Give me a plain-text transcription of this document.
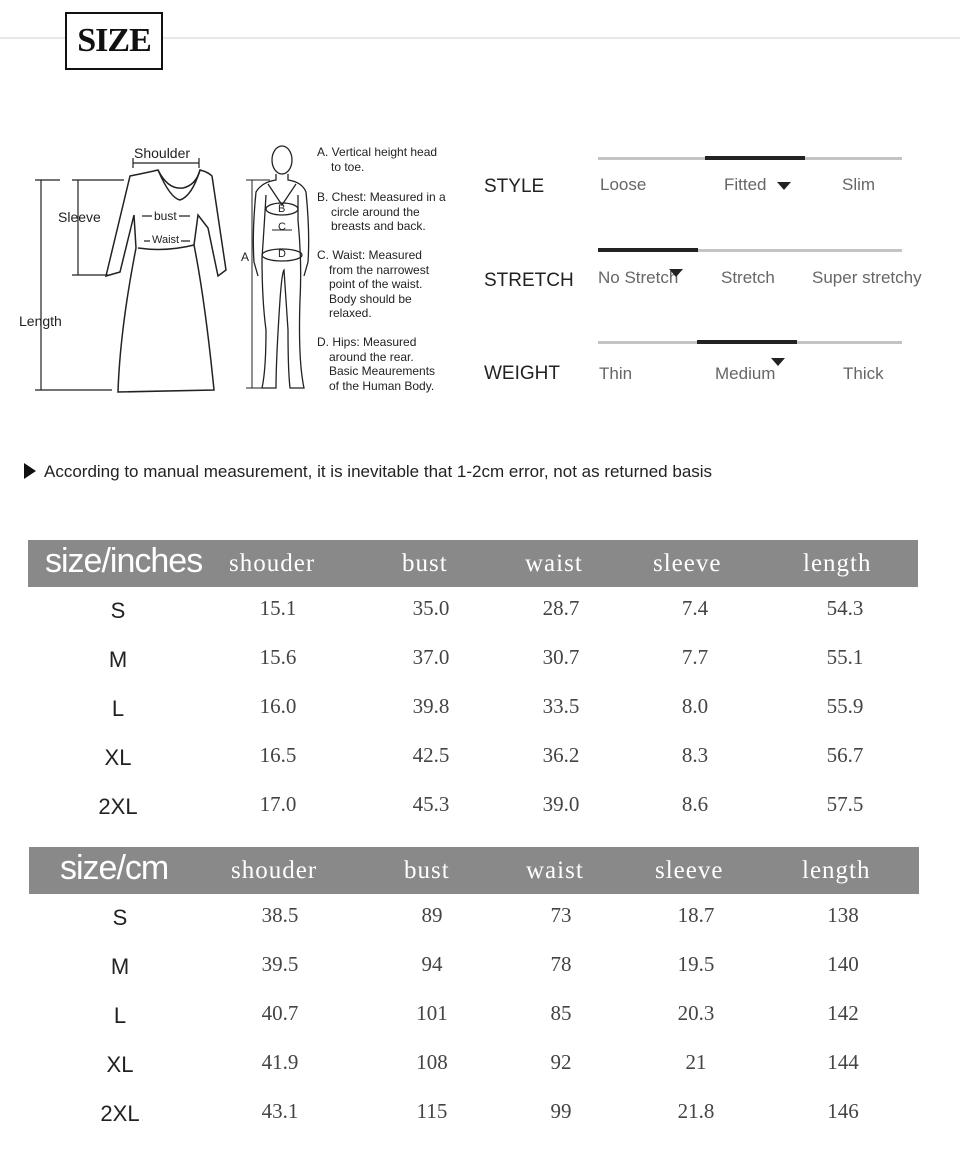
SIZE
Shoulder
Sleeve
Length
bust
Waist
A
B
C
D
A. Vertical height head
to toe.
B. Chest: Measured in a
circle around the
breasts and back.
C. Waist: Measured
from the narrowest
point of the waist.
Body should be
relaxed.
D. Hips: Measured
around the rear.
Basic Meaurements
of the Human Body.
STYLE	Loose	Fitted	Slim
STRETCH No Stretch	Stretch Super stretchy
WEIGHT Thin	Medium	Thick
According to manual measurement, it is inevitable that 1-2cm error, not as returned basis
size/inches shouder	bust	waist	sleeve	length
S	15.1	35.0	28.7	7.4	54.3
M	15.6	37.0	30.7	7.7	55.1
L	16.0	39.8	33.5	8.0	55.9
XL	16.5	42.5	36.2	8.3	56.7
2XL	17.0	45.3	39.0	8.6	57.5
size/cm	shouder	bust	waist	sleeve	length
S	38.5	89	73	18.7	138
M	39.5	94	78	19.5	140
L	40.7	101	85	20.3	142
XL	41.9	108	92	21	144
2XL	43.1	115	99	21.8	146
